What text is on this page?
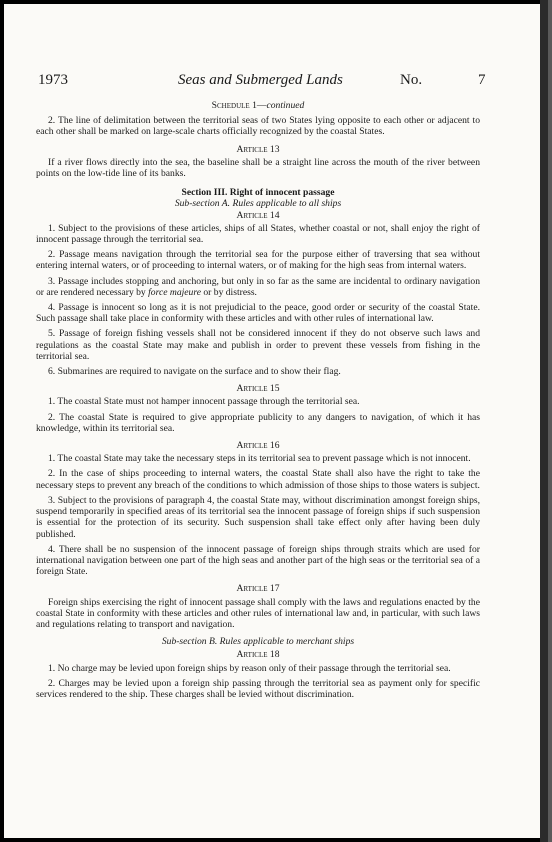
1973	Seas and Submerged Lands	No.	7
Schedule 1—continued

2. The line of delimitation between the territorial seas of two States lying opposite to each other or adjacent to each other shall be marked on large-scale charts officially recognized by the coastal States.

Article 13

If a river flows directly into the sea, the baseline shall be a straight line across the mouth of the river between points on the low-tide line of its banks.

Section III. Right of innocent passage
Sub-section A. Rules applicable to all ships
Article 14

1. Subject to the provisions of these articles, ships of all States, whether coastal or not, shall enjoy the right of innocent passage through the territorial sea.

2. Passage means navigation through the territorial sea for the purpose either of traversing that sea without entering internal waters, or of proceeding to internal waters, or of making for the high seas from internal waters.

3. Passage includes stopping and anchoring, but only in so far as the same are incidental to ordinary navigation or are rendered necessary by force majeure or by distress.

4. Passage is innocent so long as it is not prejudicial to the peace, good order or security of the coastal State. Such passage shall take place in conformity with these articles and with other rules of international law.

5. Passage of foreign fishing vessels shall not be considered innocent if they do not observe such laws and regulations as the coastal State may make and publish in order to prevent these vessels from fishing in the territorial sea.

6. Submarines are required to navigate on the surface and to show their flag.

Article 15

1. The coastal State must not hamper innocent passage through the territorial sea.

2. The coastal State is required to give appropriate publicity to any dangers to navigation, of which it has knowledge, within its territorial sea.

Article 16

1. The coastal State may take the necessary steps in its territorial sea to prevent passage which is not innocent.

2. In the case of ships proceeding to internal waters, the coastal State shall also have the right to take the necessary steps to prevent any breach of the conditions to which admission of those ships to those waters is subject.

3. Subject to the provisions of paragraph 4, the coastal State may, without discrimination amongst foreign ships, suspend temporarily in specified areas of its territorial sea the innocent passage of foreign ships if such suspension is essential for the protection of its security. Such suspension shall take effect only after having been duly published.

4. There shall be no suspension of the innocent passage of foreign ships through straits which are used for international navigation between one part of the high seas and another part of the high seas or the territorial sea of a foreign State.

Article 17

Foreign ships exercising the right of innocent passage shall comply with the laws and regulations enacted by the coastal State in conformity with these articles and other rules of international law and, in particular, with such laws and regulations relating to transport and navigation.

Sub-section B. Rules applicable to merchant ships
Article 18

1. No charge may be levied upon foreign ships by reason only of their passage through the territorial sea.

2. Charges may be levied upon a foreign ship passing through the territorial sea as payment only for specific services rendered to the ship. These charges shall be levied without discrimination.
